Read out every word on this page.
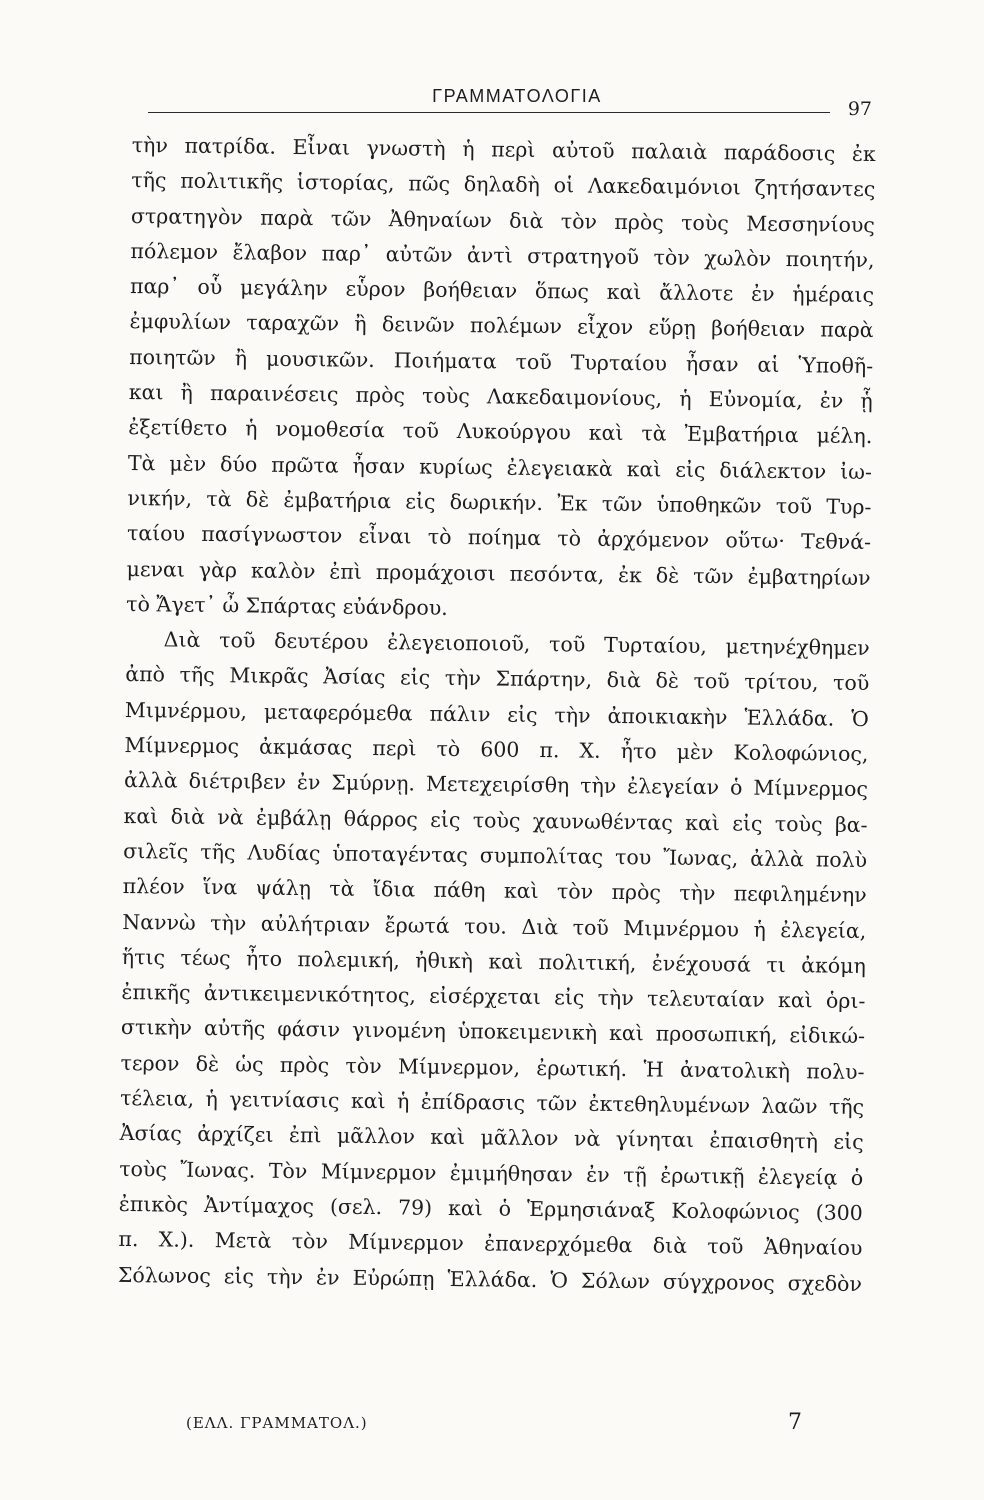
ΓΡΑΜΜΑΤΟΛΟΓΙΑ
97
τὴν πατρίδα. Εἶναι γνωστὴ ἡ περὶ αὐτοῦ παλαιὰ παράδοσις ἐκ
τῆς πολιτικῆς ἱστορίας, πῶς δηλαδὴ οἱ Λακεδαιμόνιοι ζητήσαντες
στρατηγὸν παρὰ τῶν Ἀθηναίων διὰ τὸν πρὸς τοὺς Μεσσηνίους
πόλεμον ἔλαβον παρ᾿ αὐτῶν ἀντὶ στρατηγοῦ τὸν χωλὸν ποιητήν,
παρ᾿ οὗ μεγάλην εὗρον βοήθειαν ὅπως καὶ ἄλλοτε ἐν ἡμέραις
ἐμφυλίων ταραχῶν ἢ δεινῶν πολέμων εἶχον εὕρῃ βοήθειαν παρὰ
ποιητῶν ἢ μουσικῶν. Ποιήματα τοῦ Τυρταίου ἦσαν αἱ Ὑποθῆ-
και ἢ παραινέσεις πρὸς τοὺς Λακεδαιμονίους, ἡ Εὐνομία, ἐν ᾗ
ἐξετίθετο ἡ νομοθεσία τοῦ Λυκούργου καὶ τὰ Ἐμβατήρια μέλη.
Τὰ μὲν δύο πρῶτα ἦσαν κυρίως ἐλεγειακὰ καὶ εἰς διάλεκτον ἰω-
νικήν, τὰ δὲ ἐμβατήρια εἰς δωρικήν. Ἐκ τῶν ὑποθηκῶν τοῦ Τυρ-
ταίου πασίγνωστον εἶναι τὸ ποίημα τὸ ἀρχόμενον οὕτω· Τεθνά-
μεναι γὰρ καλὸν ἐπὶ προμάχοισι πεσόντα, ἐκ δὲ τῶν ἐμβατηρίων
τὸ Ἄγετ᾿ ὦ Σπάρτας εὐάνδρου.
Διὰ τοῦ δευτέρου ἐλεγειοποιοῦ, τοῦ Τυρταίου, μετηνέχθημεν
ἀπὸ τῆς Μικρᾶς Ἀσίας εἰς τὴν Σπάρτην, διὰ δὲ τοῦ τρίτου, τοῦ
Μιμνέρμου, μεταφερόμεθα πάλιν εἰς τὴν ἀποικιακὴν Ἑλλάδα. Ὁ
Μίμνερμος ἀκμάσας περὶ τὸ 600 π. Χ. ἦτο μὲν Κολοφώνιος,
ἀλλὰ διέτριβεν ἐν Σμύρνῃ. Μετεχειρίσθη τὴν ἐλεγείαν ὁ Μίμνερμος
καὶ διὰ νὰ ἐμβάλῃ θάρρος εἰς τοὺς χαυνωθέντας καὶ εἰς τοὺς βα-
σιλεῖς τῆς Λυδίας ὑποταγέντας συμπολίτας του Ἴωνας, ἀλλὰ πολὺ
πλέον ἵνα ψάλῃ τὰ ἴδια πάθη καὶ τὸν πρὸς τὴν πεφιλημένην
Ναννὼ τὴν αὐλήτριαν ἔρωτά του. Διὰ τοῦ Μιμνέρμου ἡ ἐλεγεία,
ἥτις τέως ἦτο πολεμική, ἠθικὴ καὶ πολιτική, ἐνέχουσά τι ἀκόμη
ἐπικῆς ἀντικειμενικότητος, εἰσέρχεται εἰς τὴν τελευταίαν καὶ ὁρι-
στικὴν αὐτῆς φάσιν γινομένη ὑποκειμενικὴ καὶ προσωπική, εἰδικώ-
τερον δὲ ὡς πρὸς τὸν Μίμνερμον, ἐρωτική. Ἡ ἀνατολικὴ πολυ-
τέλεια, ἡ γειτνίασις καὶ ἡ ἐπίδρασις τῶν ἐκτεθηλυμένων λαῶν τῆς
Ἀσίας ἀρχίζει ἐπὶ μᾶλλον καὶ μᾶλλον νὰ γίνηται ἐπαισθητὴ εἰς
τοὺς Ἴωνας. Τὸν Μίμνερμον ἐμιμήθησαν ἐν τῇ ἐρωτικῇ ἐλεγείᾳ ὁ
ἐπικὸς Ἀντίμαχος (σελ. 79) καὶ ὁ Ἑρμησιάναξ Κολοφώνιος (300
π. Χ.). Μετὰ τὸν Μίμνερμον ἐπανερχόμεθα διὰ τοῦ Ἀθηναίου
Σόλωνος εἰς τὴν ἐν Εὐρώπῃ Ἑλλάδα. Ὁ Σόλων σύγχρονος σχεδὸν
(ΕΛΛ. ΓΡΑΜΜΑΤΟΛ.)	7
